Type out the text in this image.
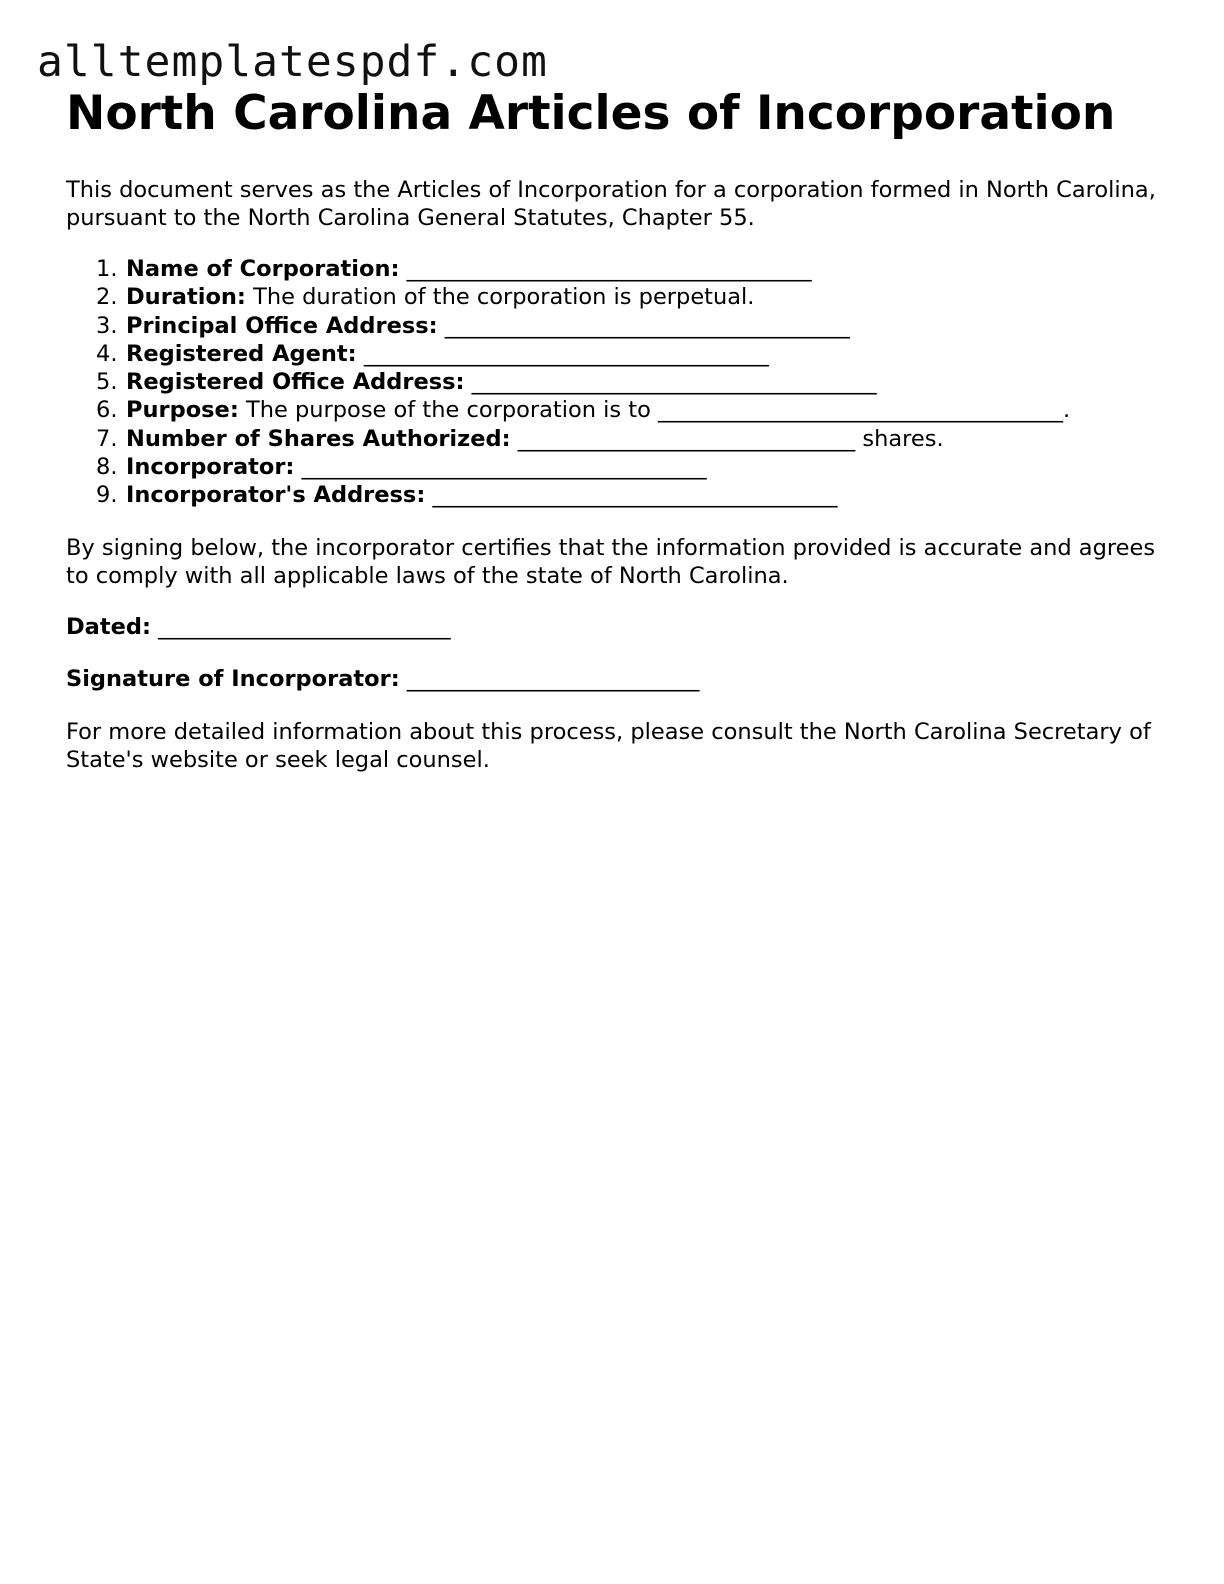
alltemplatespdf.com
North Carolina Articles of Incorporation

This document serves as the Articles of Incorporation for a corporation formed in North Carolina, pursuant to the North Carolina General Statutes, Chapter 55.

1. Name of Corporation: ____________________________________
2. Duration: The duration of the corporation is perpetual.
3. Principal Office Address: ____________________________________
4. Registered Agent: ____________________________________
5. Registered Office Address: ____________________________________
6. Purpose: The purpose of the corporation is to ____________________________________.
7. Number of Shares Authorized: ______________________________ shares.
8. Incorporator: ____________________________________
9. Incorporator's Address: ____________________________________

By signing below, the incorporator certifies that the information provided is accurate and agrees to comply with all applicable laws of the state of North Carolina.

Dated: __________________________

Signature of Incorporator: __________________________

For more detailed information about this process, please consult the North Carolina Secretary of State's website or seek legal counsel.
